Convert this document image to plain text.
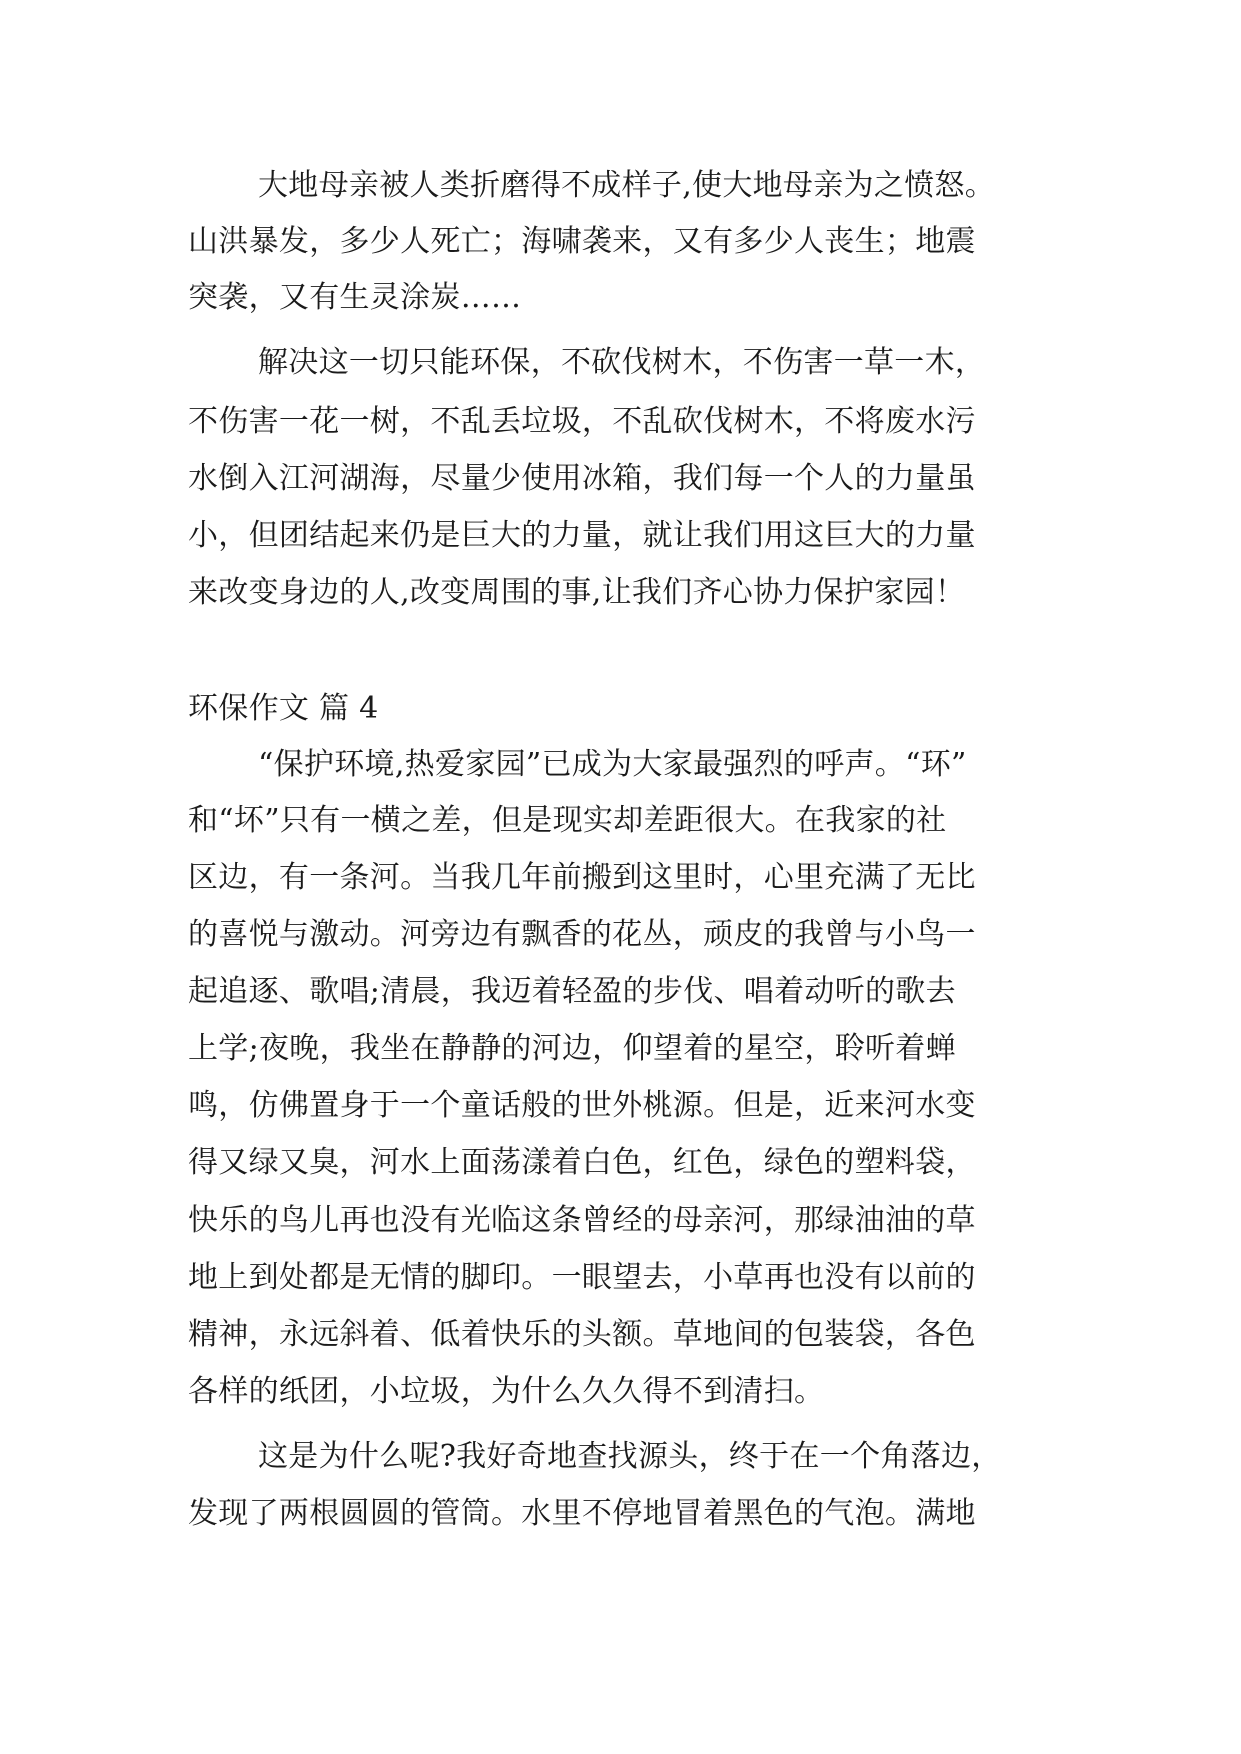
大地母亲被人类折磨得不成样子,使大地母亲为之愤怒。
山洪暴发，多少人死亡；海啸袭来，又有多少人丧生；地震
突袭，又有生灵涂炭……
解决这一切只能环保，不砍伐树木，不伤害一草一木，
不伤害一花一树，不乱丢垃圾，不乱砍伐树木，不将废水污
水倒入江河湖海，尽量少使用冰箱，我们每一个人的力量虽
小，但团结起来仍是巨大的力量，就让我们用这巨大的力量
来改变身边的人,改变周围的事,让我们齐心协力保护家园！
环保作文 篇 4
“保护环境,热爱家园”已成为大家最强烈的呼声。“环”
和“坏”只有一横之差，但是现实却差距很大。在我家的社
区边，有一条河。当我几年前搬到这里时，心里充满了无比
的喜悦与激动。河旁边有飘香的花丛，顽皮的我曾与小鸟一
起追逐、歌唱;清晨，我迈着轻盈的步伐、唱着动听的歌去
上学;夜晚，我坐在静静的河边，仰望着的星空，聆听着蝉
鸣，仿佛置身于一个童话般的世外桃源。但是，近来河水变
得又绿又臭，河水上面荡漾着白色，红色，绿色的塑料袋，
快乐的鸟儿再也没有光临这条曾经的母亲河，那绿油油的草
地上到处都是无情的脚印。一眼望去，小草再也没有以前的
精神，永远斜着、低着快乐的头额。草地间的包装袋，各色
各样的纸团，小垃圾，为什么久久得不到清扫。
这是为什么呢?我好奇地查找源头，终于在一个角落边，
发现了两根圆圆的管筒。水里不停地冒着黑色的气泡。满地
